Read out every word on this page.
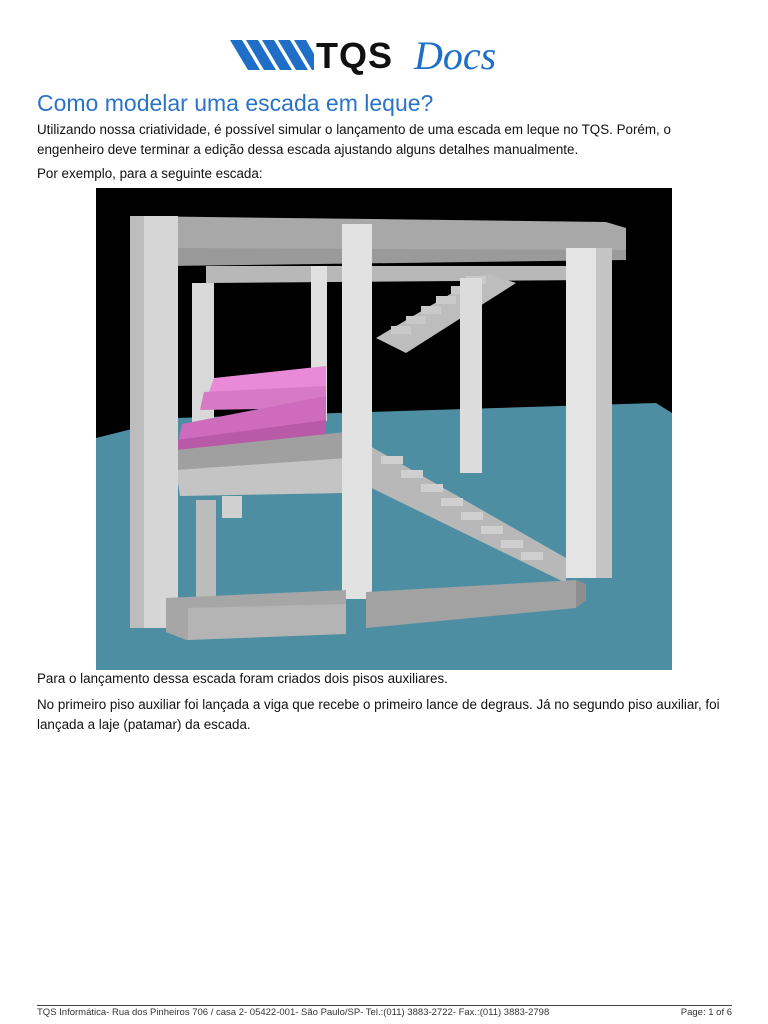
TQS Docs
Como modelar uma escada em leque?
Utilizando nossa criatividade, é possível simular o lançamento de uma escada em leque no TQS. Porém, o engenheiro deve terminar a edição dessa escada ajustando alguns detalhes manualmente.
Por exemplo, para a seguinte escada:
Para o lançamento dessa escada foram criados dois pisos auxiliares.
No primeiro piso auxiliar foi lançada a viga que recebe o primeiro lance de degraus. Já no segundo piso auxiliar, foi lançada a laje (patamar) da escada.
TQS Informática- Rua dos Pinheiros 706 / casa 2- 05422-001- São Paulo/SP- Tel.:(011) 3883-2722- Fax.:(011) 3883-2798	Page: 1 of 6
